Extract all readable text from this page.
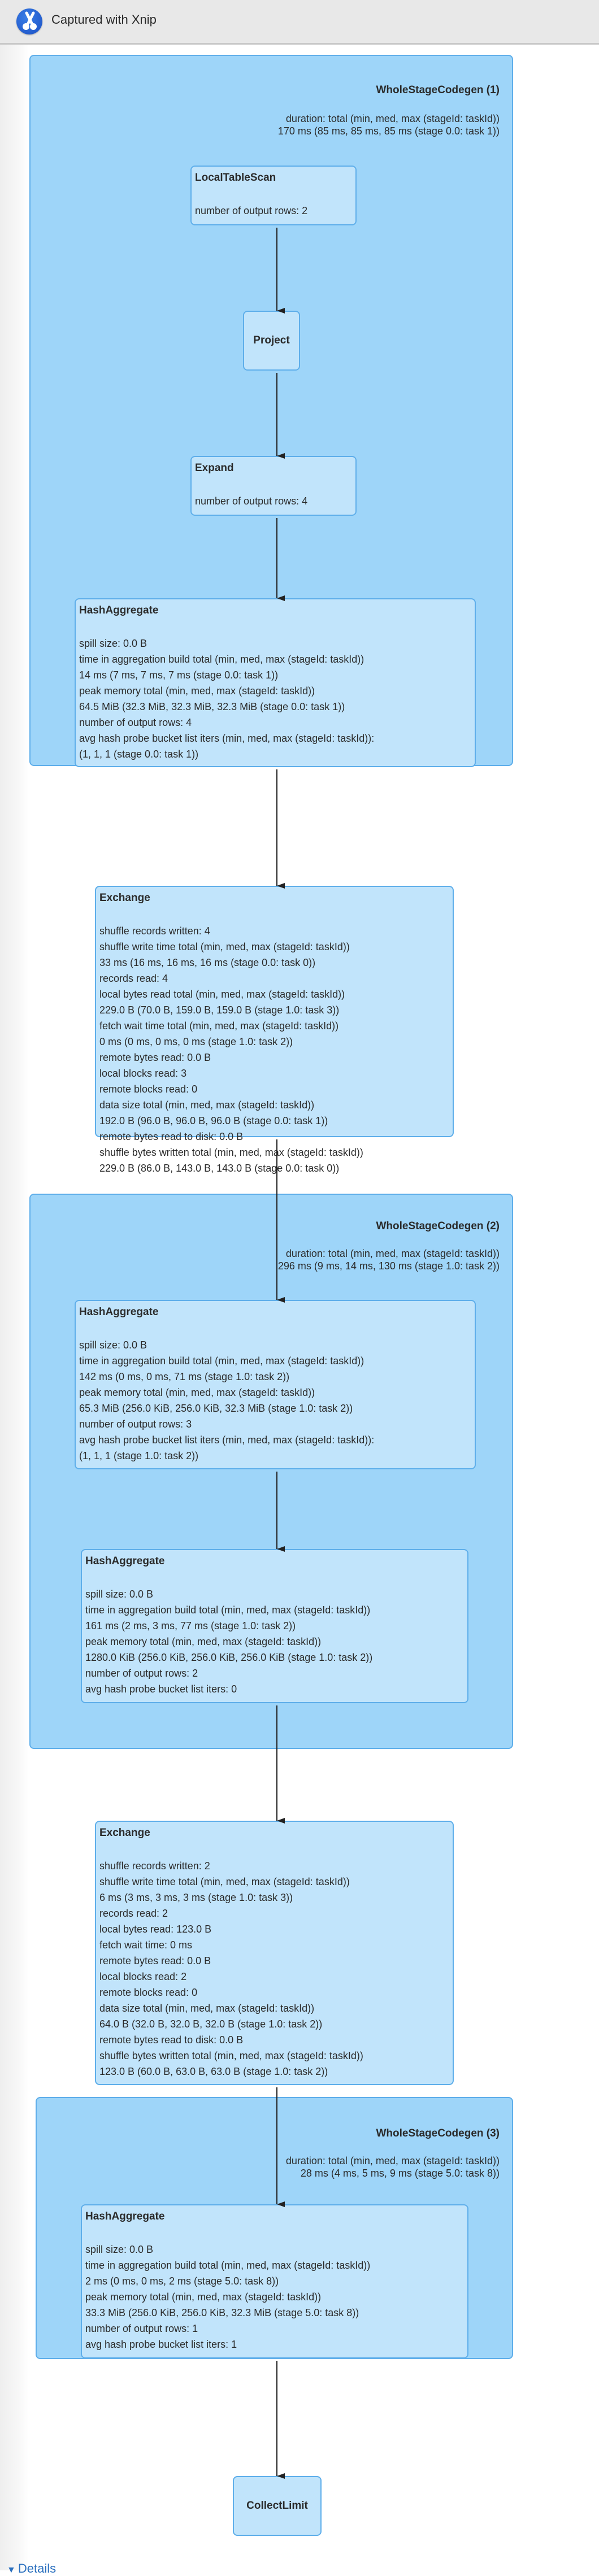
Captured with Xnip
WholeStageCodegen (1)
duration: total (min, med, max (stageId: taskId))
170 ms (85 ms, 85 ms, 85 ms (stage 0.0: task 1))
WholeStageCodegen (2)
duration: total (min, med, max (stageId: taskId))
296 ms (9 ms, 14 ms, 130 ms (stage 1.0: task 2))
WholeStageCodegen (3)
duration: total (min, med, max (stageId: taskId))
28 ms (4 ms, 5 ms, 9 ms (stage 5.0: task 8))
LocalTableScan
number of output rows: 2
Project
Expand
number of output rows: 4
HashAggregate
spill size: 0.0 B
time in aggregation build total (min, med, max (stageId: taskId))
14 ms (7 ms, 7 ms, 7 ms (stage 0.0: task 1))
peak memory total (min, med, max (stageId: taskId))
64.5 MiB (32.3 MiB, 32.3 MiB, 32.3 MiB (stage 0.0: task 1))
number of output rows: 4
avg hash probe bucket list iters (min, med, max (stageId: taskId)):
(1, 1, 1 (stage 0.0: task 1))
Exchange
shuffle records written: 4
shuffle write time total (min, med, max (stageId: taskId))
33 ms (16 ms, 16 ms, 16 ms (stage 0.0: task 0))
records read: 4
local bytes read total (min, med, max (stageId: taskId))
229.0 B (70.0 B, 159.0 B, 159.0 B (stage 1.0: task 3))
fetch wait time total (min, med, max (stageId: taskId))
0 ms (0 ms, 0 ms, 0 ms (stage 1.0: task 2))
remote bytes read: 0.0 B
local blocks read: 3
remote blocks read: 0
data size total (min, med, max (stageId: taskId))
192.0 B (96.0 B, 96.0 B, 96.0 B (stage 0.0: task 1))
remote bytes read to disk: 0.0 B
shuffle bytes written total (min, med, max (stageId: taskId))
229.0 B (86.0 B, 143.0 B, 143.0 B (stage 0.0: task 0))
HashAggregate
spill size: 0.0 B
time in aggregation build total (min, med, max (stageId: taskId))
142 ms (0 ms, 0 ms, 71 ms (stage 1.0: task 2))
peak memory total (min, med, max (stageId: taskId))
65.3 MiB (256.0 KiB, 256.0 KiB, 32.3 MiB (stage 1.0: task 2))
number of output rows: 3
avg hash probe bucket list iters (min, med, max (stageId: taskId)):
(1, 1, 1 (stage 1.0: task 2))
HashAggregate
spill size: 0.0 B
time in aggregation build total (min, med, max (stageId: taskId))
161 ms (2 ms, 3 ms, 77 ms (stage 1.0: task 2))
peak memory total (min, med, max (stageId: taskId))
1280.0 KiB (256.0 KiB, 256.0 KiB, 256.0 KiB (stage 1.0: task 2))
number of output rows: 2
avg hash probe bucket list iters: 0
Exchange
shuffle records written: 2
shuffle write time total (min, med, max (stageId: taskId))
6 ms (3 ms, 3 ms, 3 ms (stage 1.0: task 3))
records read: 2
local bytes read: 123.0 B
fetch wait time: 0 ms
remote bytes read: 0.0 B
local blocks read: 2
remote blocks read: 0
data size total (min, med, max (stageId: taskId))
64.0 B (32.0 B, 32.0 B, 32.0 B (stage 1.0: task 2))
remote bytes read to disk: 0.0 B
shuffle bytes written total (min, med, max (stageId: taskId))
123.0 B (60.0 B, 63.0 B, 63.0 B (stage 1.0: task 2))
HashAggregate
spill size: 0.0 B
time in aggregation build total (min, med, max (stageId: taskId))
2 ms (0 ms, 0 ms, 2 ms (stage 5.0: task 8))
peak memory total (min, med, max (stageId: taskId))
33.3 MiB (256.0 KiB, 256.0 KiB, 32.3 MiB (stage 5.0: task 8))
number of output rows: 1
avg hash probe bucket list iters: 1
CollectLimit
▼ Details
